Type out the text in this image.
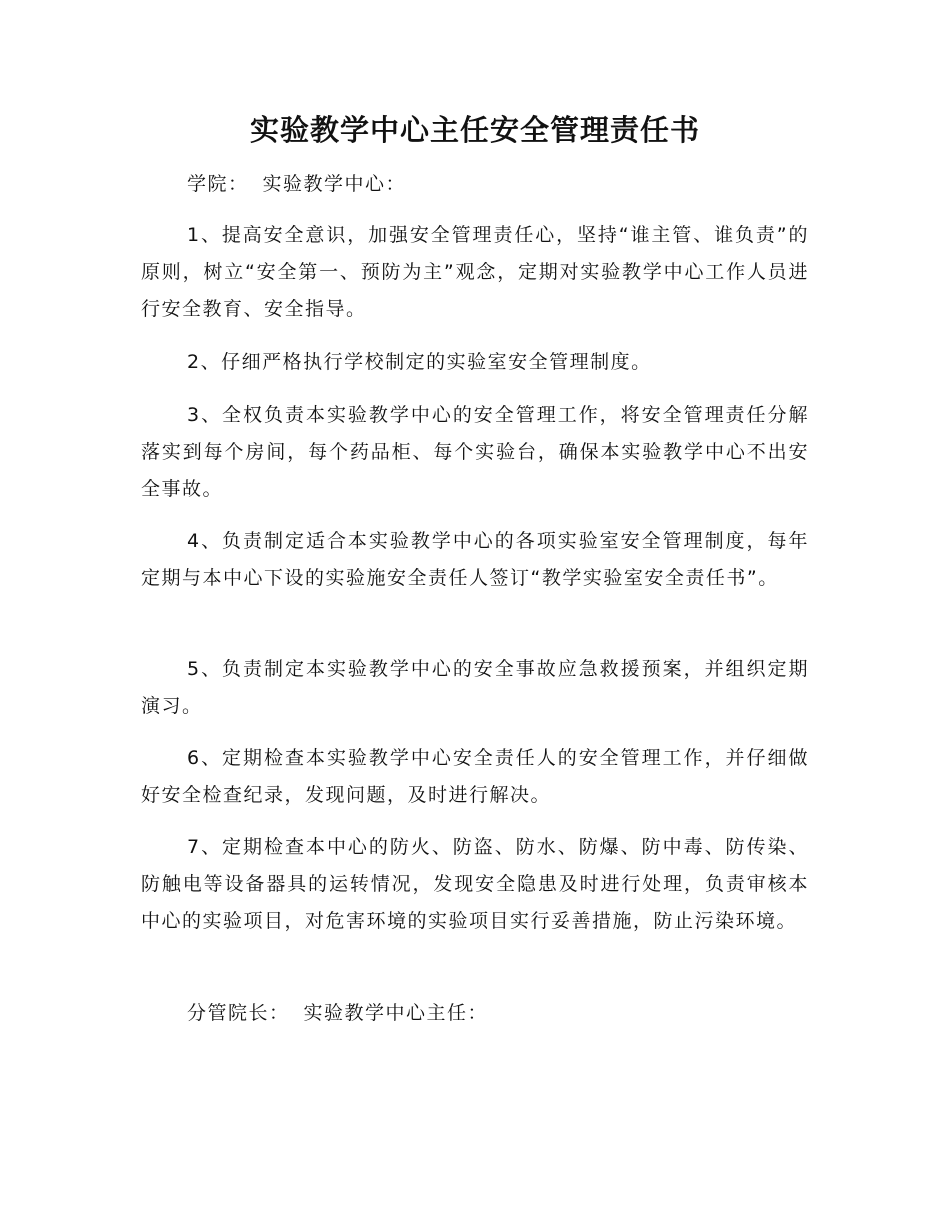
实验教学中心主任安全管理责任书
学院： 实验教学中心：

1、提高安全意识，加强安全管理责任心，坚持“谁主管、谁负责”的原则，树立“安全第一、预防为主”观念，定期对实验教学中心工作人员进行安全教育、安全指导。

2、仔细严格执行学校制定的实验室安全管理制度。

3、全权负责本实验教学中心的安全管理工作，将安全管理责任分解落实到每个房间，每个药品柜、每个实验台，确保本实验教学中心不出安全事故。

4、负责制定适合本实验教学中心的各项实验室安全管理制度，每年定期与本中心下设的实验施安全责任人签订“教学实验室安全责任书”。

5、负责制定本实验教学中心的安全事故应急救援预案，并组织定期演习。

6、定期检查本实验教学中心安全责任人的安全管理工作，并仔细做好安全检查纪录，发现问题，及时进行解决。

7、定期检查本中心的防火、防盗、防水、防爆、防中毒、防传染、防触电等设备器具的运转情况，发现安全隐患及时进行处理，负责审核本中心的实验项目，对危害环境的实验项目实行妥善措施，防止污染环境。

分管院长： 实验教学中心主任：
